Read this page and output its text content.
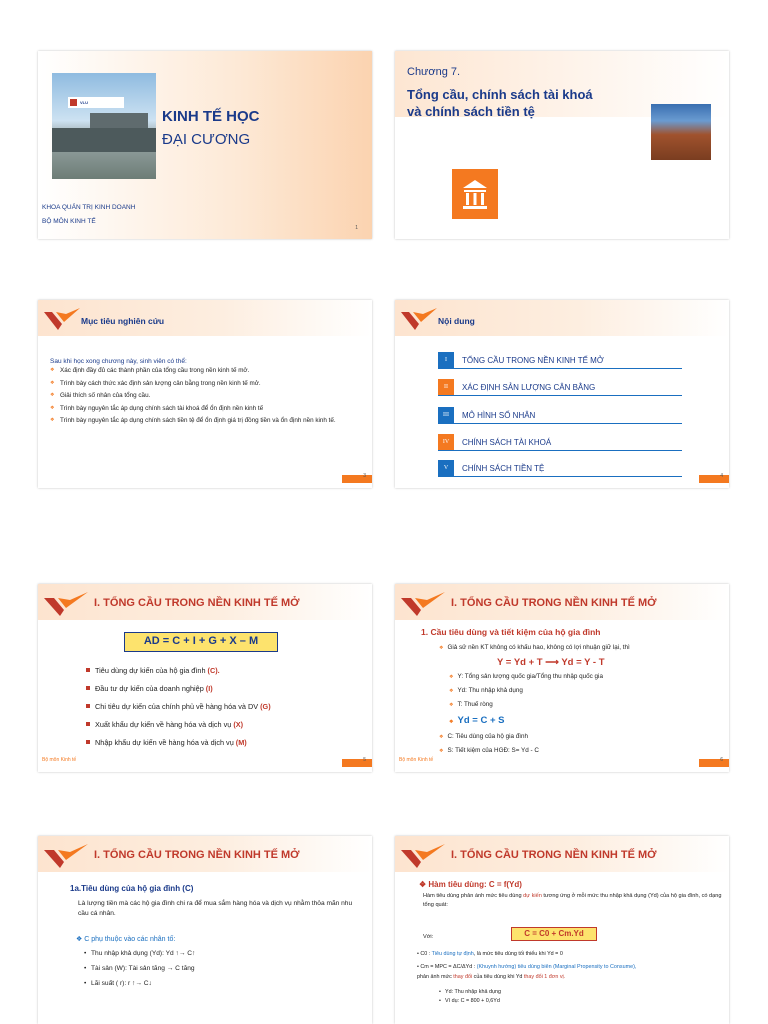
VLU
KINH TẾ HỌC
ĐẠI CƯƠNG
KHOA QUẢN TRỊ KINH DOANH
BỘ MÔN KINH TẾ
1
Chương 7.
Tổng cầu, chính sách tài khoá
và chính sách tiền tệ
Mục tiêu nghiên cứu
Sau khi học xong chương này, sinh viên có thể:
❖ Xác định đầy đủ các thành phần của tổng cầu trong nền kinh tế mở.
❖ Trình bày cách thức xác định sản lượng cân bằng trong nền kinh tế mở.
❖ Giải thích số nhân của tổng cầu.
❖ Trình bày nguyên tắc áp dụng chính sách tài khoá để ổn định nền kinh tế
❖ Trình bày nguyên tắc áp dụng chính sách tiền tệ để ổn định giá trị đồng tiền và ổn định nền kinh tế.
3
Nội dung
I	TỔNG CẦU TRONG NỀN KINH TẾ MỞ
II	XÁC ĐỊNH SẢN LƯỢNG CÂN BẰNG
III	MÔ HÌNH SỐ NHÂN
IV	CHÍNH SÁCH TÀI KHOÁ
V	CHÍNH SÁCH TIỀN TỆ
4
I. TỔNG CẦU TRONG NỀN KINH TẾ MỞ
AD = C + I + G + X – M
Tiêu dùng dự kiến của hộ gia đình (C).
Đầu tư dự kiến của doanh nghiệp (I)
Chi tiêu dự kiến của chính phủ về hàng hóa và DV (G)
Xuất khẩu dự kiến về hàng hóa và dịch vụ (X)
Nhập khẩu dự kiến về hàng hóa và dịch vụ (M)
Bộ môn Kinh tế	5
I. TỔNG CẦU TRONG NỀN KINH TẾ MỞ
1. Cầu tiêu dùng và tiết kiệm của hộ gia đình
❖ Giả sử nền KT không có khấu hao, không có lợi nhuận giữ lại, thì
Y = Yd + T ⟶ Yd = Y - T
❖ Y: Tổng sản lượng quốc gia/Tổng thu nhập quốc gia
❖ Yd: Thu nhập khả dụng
❖ T: Thuế ròng
❖ Yd = C + S
❖ C: Tiêu dùng của hộ gia đình
❖ S: Tiết kiệm của HGĐ: S= Yd - C
Bộ môn Kinh tế	6
I. TỔNG CẦU TRONG NỀN KINH TẾ MỞ
1a.Tiêu dùng của hộ gia đình (C)
Là lượng tiền mà các hộ gia đình chi ra để mua sắm hàng hóa và dịch vụ nhằm thỏa mãn nhu cầu cá nhân.
❖ C phụ thuộc vào các nhân tố:
• Thu nhập khả dụng (Yd): Yd ↑→ C↑
• Tài sản (W): Tài sản tăng → C tăng
• Lãi suất ( r): r ↑→ C↓
I. TỔNG CẦU TRONG NỀN KINH TẾ MỞ
❖ Hàm tiêu dùng: C = f(Yd)
Hàm tiêu dùng phản ánh mức tiêu dùng dự kiến tương ứng ở mỗi mức thu nhập khả dụng (Yd) của hộ gia đình, có dạng tổng quát:
Với:	C = C0 + Cm.Yd
• C0 : Tiêu dùng tự định, là mức tiêu dùng tối thiểu khi Yd = 0
• Cm = MPC = ΔC/ΔYd : (Khuynh hướng) tiêu dùng biên (Marginal Propensity to Consume),
phản ảnh mức thay đổi của tiêu dùng khi Yd thay đổi 1 đơn vị.
• Yd: Thu nhập khả dụng
• Ví dụ: C = 800 + 0,6Yd
